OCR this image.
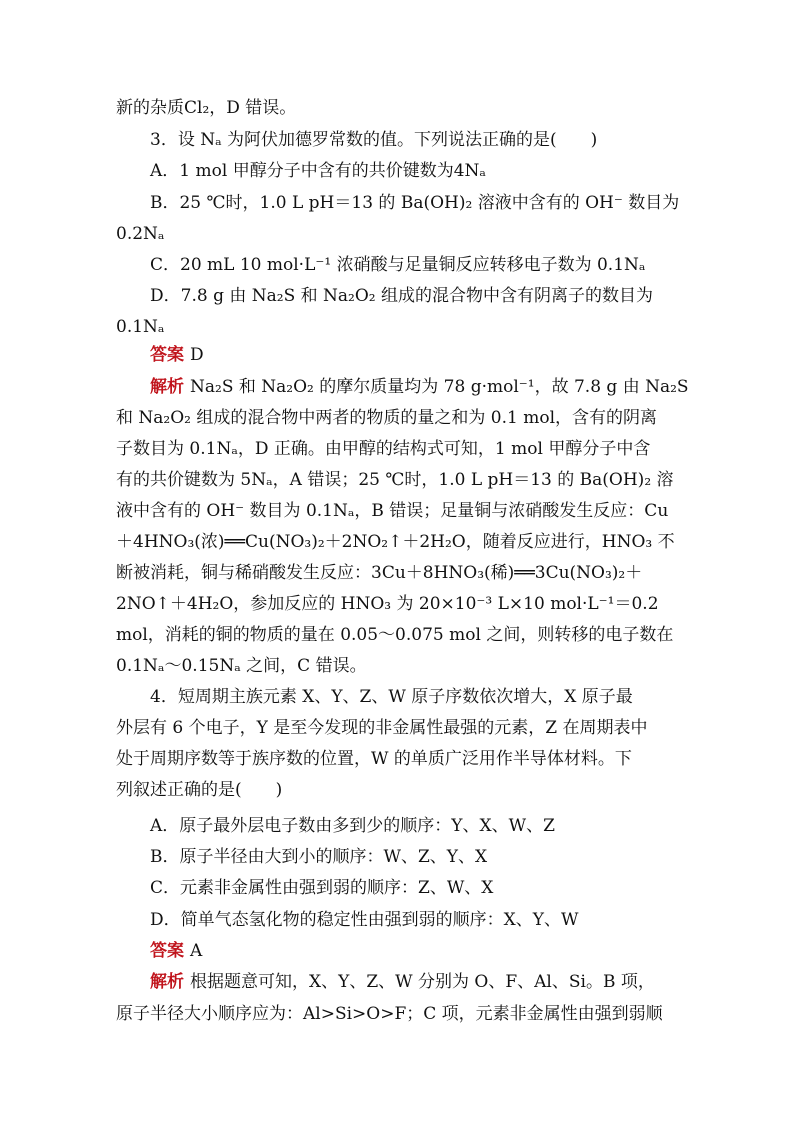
新的杂质Cl₂，D 错误。
3．设 Nₐ 为阿伏加德罗常数的值。下列说法正确的是(　　)
A．1 mol 甲醇分子中含有的共价键数为4Nₐ
B．25 ℃时，1.0 L pH＝13 的 Ba(OH)₂ 溶液中含有的 OH⁻ 数目为
0.2Nₐ
C．20 mL 10 mol·L⁻¹ 浓硝酸与足量铜反应转移电子数为 0.1Nₐ
D．7.8 g 由 Na₂S 和 Na₂O₂ 组成的混合物中含有阴离子的数目为
0.1Nₐ
答案 D
解析 Na₂S 和 Na₂O₂ 的摩尔质量均为 78 g·mol⁻¹，故 7.8 g 由 Na₂S
和 Na₂O₂ 组成的混合物中两者的物质的量之和为 0.1 mol，含有的阴离
子数目为 0.1Nₐ，D 正确。由甲醇的结构式可知，1 mol 甲醇分子中含
有的共价键数为 5Nₐ，A 错误；25 ℃时，1.0 L pH＝13 的 Ba(OH)₂ 溶
液中含有的 OH⁻ 数目为 0.1Nₐ，B 错误；足量铜与浓硝酸发生反应：Cu
＋4HNO₃(浓)══Cu(NO₃)₂＋2NO₂↑＋2H₂O，随着反应进行，HNO₃ 不
断被消耗，铜与稀硝酸发生反应：3Cu＋8HNO₃(稀)══3Cu(NO₃)₂＋
2NO↑＋4H₂O，参加反应的 HNO₃ 为 20×10⁻³ L×10 mol·L⁻¹＝0.2
mol，消耗的铜的物质的量在 0.05～0.075 mol 之间，则转移的电子数在
0.1Nₐ～0.15Nₐ 之间，C 错误。
4．短周期主族元素 X、Y、Z、W 原子序数依次增大，X 原子最
外层有 6 个电子，Y 是至今发现的非金属性最强的元素，Z 在周期表中
处于周期序数等于族序数的位置，W 的单质广泛用作半导体材料。下
列叙述正确的是(　　)
A．原子最外层电子数由多到少的顺序：Y、X、W、Z
B．原子半径由大到小的顺序：W、Z、Y、X
C．元素非金属性由强到弱的顺序：Z、W、X
D．简单气态氢化物的稳定性由强到弱的顺序：X、Y、W
答案 A
解析 根据题意可知，X、Y、Z、W 分别为 O、F、Al、Si。B 项，
原子半径大小顺序应为：Al>Si>O>F；C 项，元素非金属性由强到弱顺
